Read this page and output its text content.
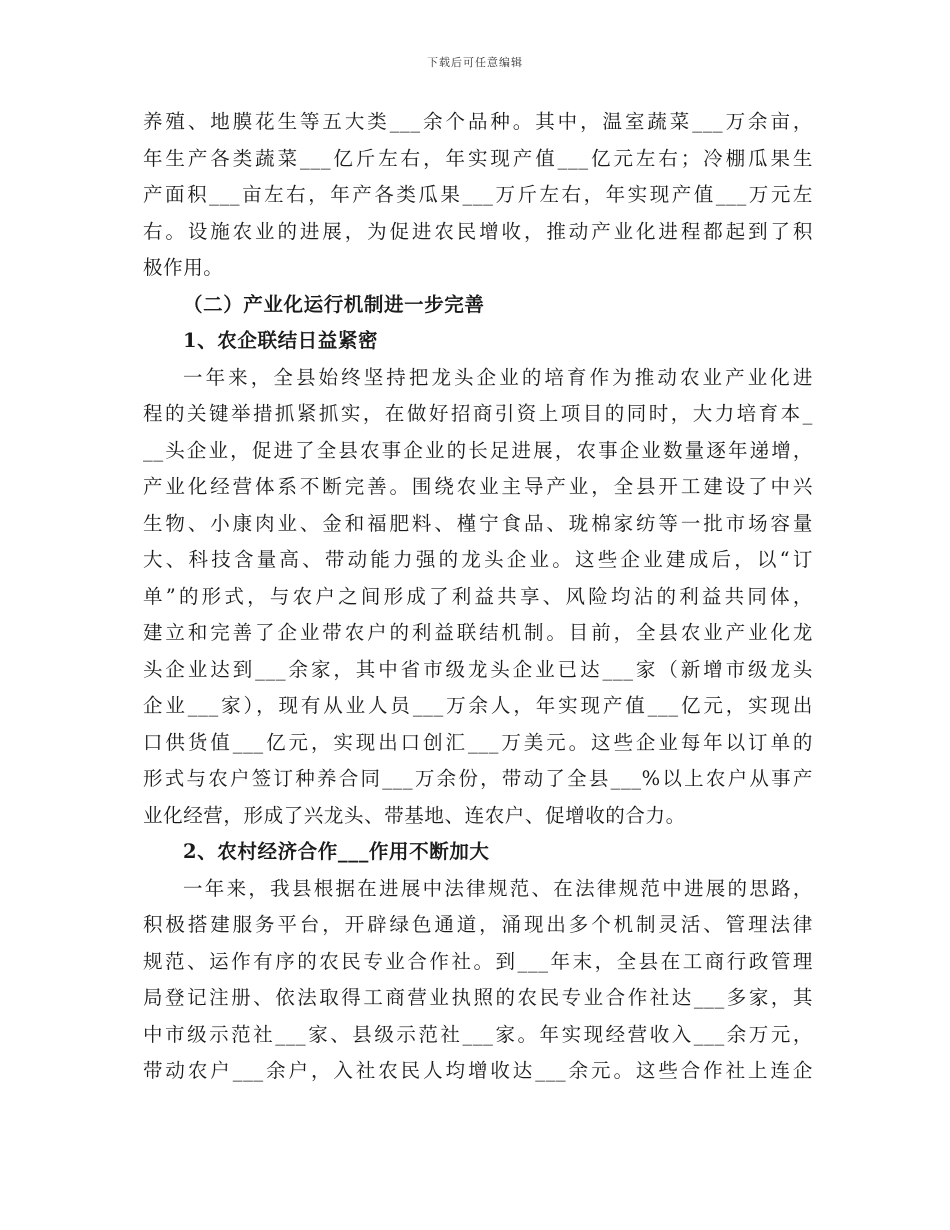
下载后可任意编辑
养殖、地膜花生等五大类___余个品种。其中，温室蔬菜___万余亩，
年生产各类蔬菜___亿斤左右，年实现产值___亿元左右；冷棚瓜果生
产面积___亩左右，年产各类瓜果___万斤左右，年实现产值___万元左
右。设施农业的进展，为促进农民增收，推动产业化进程都起到了积
极作用。
（二）产业化运行机制进一步完善
1、农企联结日益紧密
一年来，全县始终坚持把龙头企业的培育作为推动农业产业化进
程的关键举措抓紧抓实，在做好招商引资上项目的同时，大力培育本_
__头企业，促进了全县农事企业的长足进展，农事企业数量逐年递增，
产业化经营体系不断完善。围绕农业主导产业，全县开工建设了中兴
生物、小康肉业、金和福肥料、槿宁食品、珑棉家纺等一批市场容量
大、科技含量高、带动能力强的龙头企业。这些企业建成后，以“订
单”的形式，与农户之间形成了利益共享、风险均沾的利益共同体，
建立和完善了企业带农户的利益联结机制。目前，全县农业产业化龙
头企业达到___余家，其中省市级龙头企业已达___家（新增市级龙头
企业___家），现有从业人员___万余人，年实现产值___亿元，实现出
口供货值___亿元，实现出口创汇___万美元。这些企业每年以订单的
形式与农户签订种养合同___万余份，带动了全县___%以上农户从事产
业化经营，形成了兴龙头、带基地、连农户、促增收的合力。
2、农村经济合作___作用不断加大
一年来，我县根据在进展中法律规范、在法律规范中进展的思路，
积极搭建服务平台，开辟绿色通道，涌现出多个机制灵活、管理法律
规范、运作有序的农民专业合作社。到___年末，全县在工商行政管理
局登记注册、依法取得工商营业执照的农民专业合作社达___多家，其
中市级示范社___家、县级示范社___家。年实现经营收入___余万元，
带动农户___余户，入社农民人均增收达___余元。这些合作社上连企
